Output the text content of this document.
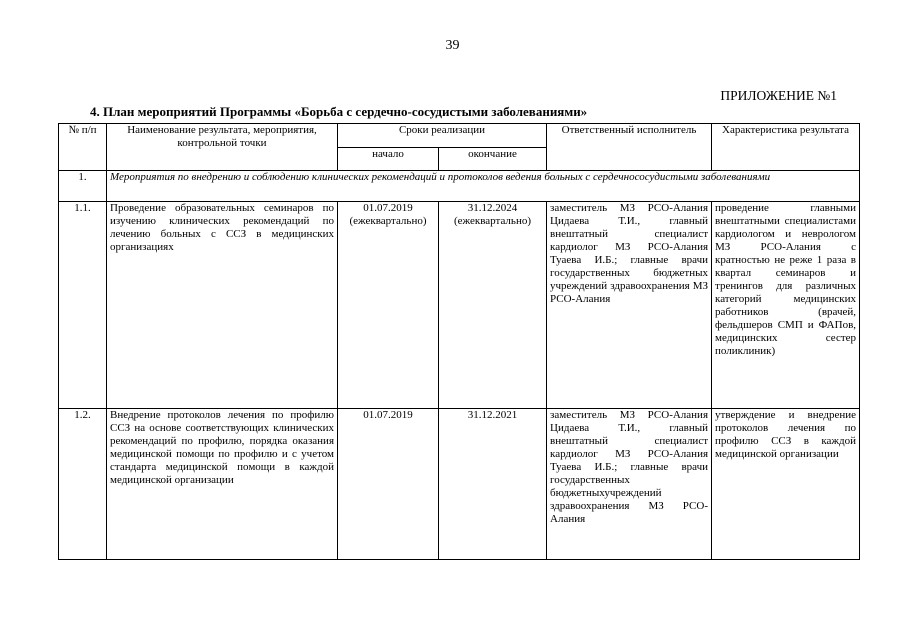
39
ПРИЛОЖЕНИЕ №1
4. План мероприятий Программы «Борьба с сердечно-сосудистыми заболеваниями»
№ п/п	Наименование результата, мероприятия, контрольной точки	Сроки реализации		Ответственный исполнитель	Характеристика результата
		начало	окончание		
1.	Мероприятия по внедрению и соблюдению клинических рекомендаций и протоколов ведения больных с сердечнососудистыми заболеваниями				
1.1.	Проведение образовательных семинаров по изучению клинических рекомендаций по лечению больных с ССЗ в медицинских организациях	01.07.2019 (ежеквартально)	31.12.2024 (ежеквартально)	заместитель МЗ РСО-Алания Цидаева Т.И., главный внештатный специалист кардиолог МЗ РСО-Алания Туаева И.Б.; главные врачи государственных бюджетных учреждений здравоохранения МЗ РСО-Алания	проведение главными внештатными специалистами кардиологом и неврологом МЗ РСО-Алания с кратностью не реже 1 раза в квартал семинаров и тренингов для различных категорий медицинских работников (врачей, фельдшеров СМП и ФАПов, медицинских сестер поликлиник)
1.2.	Внедрение протоколов лечения по профилю ССЗ на основе соответствующих клинических рекомендаций по профилю, порядка оказания медицинской помощи по профилю и с учетом стандарта медицинской помощи в каждой медицинской организации	01.07.2019	31.12.2021	заместитель МЗ РСО-Алания Цидаева Т.И., главный внештатный специалист кардиолог МЗ РСО-Алания Туаева И.Б.; главные врачи государственных бюджетныхучреждений здравоохранения МЗ РСО-Алания	утверждение и внедрение протоколов лечения по профилю ССЗ в каждой медицинской организации
